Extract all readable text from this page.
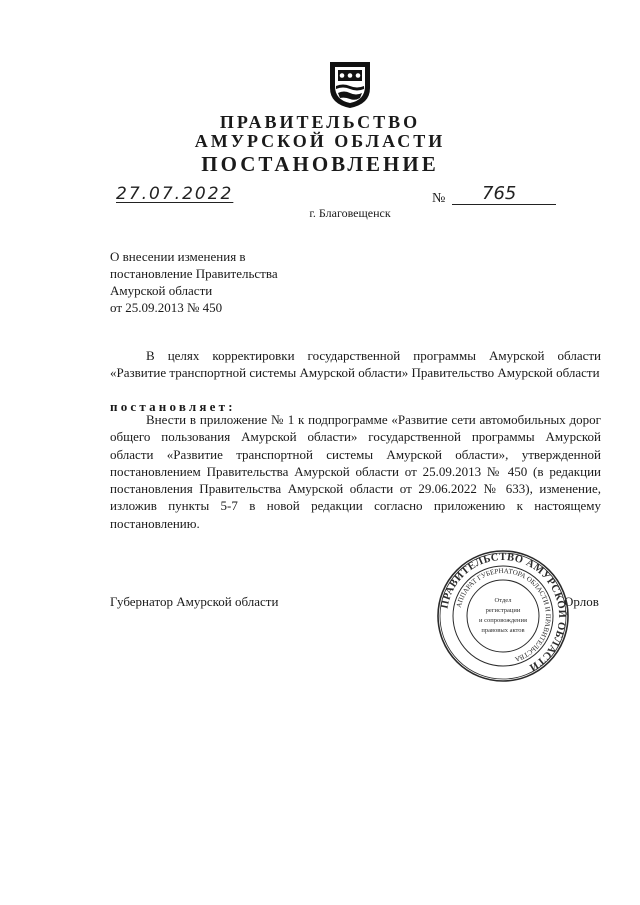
ПРАВИТЕЛЬСТВО
АМУРСКОЙ ОБЛАСТИ
ПОСТАНОВЛЕНИЕ
27.07.2022	№	765
г. Благовещенск
О внесении изменения в
постановление Правительства
Амурской области
от 25.09.2013 № 450
В целях корректировки государственной программы Амурской области «Развитие транспортной системы Амурской области» Правительство Амурской области
постановляет:
Внести в приложение № 1 к подпрограмме «Развитие сети автомобильных дорог общего пользования Амурской области» государственной программы Амурской области «Развитие транспортной системы Амурской области», утвержденной постановлением Правительства Амурской области от 25.09.2013 № 450 (в редакции постановления Правительства Амурской области от 29.06.2022 № 633), изменение, изложив пункты 5-7 в новой редакции согласно приложению к настоящему постановлению.
Губернатор Амурской области	Орлов
ПРАВИТЕЛЬСТВО АМУРСКОЙ ОБЛАСТИ
АППАРАТ ГУБЕРНАТОРА ОБЛАСТИ И ПРАВИТЕЛЬСТВА
Отдел
регистрации
и сопровождения
правовых актов
